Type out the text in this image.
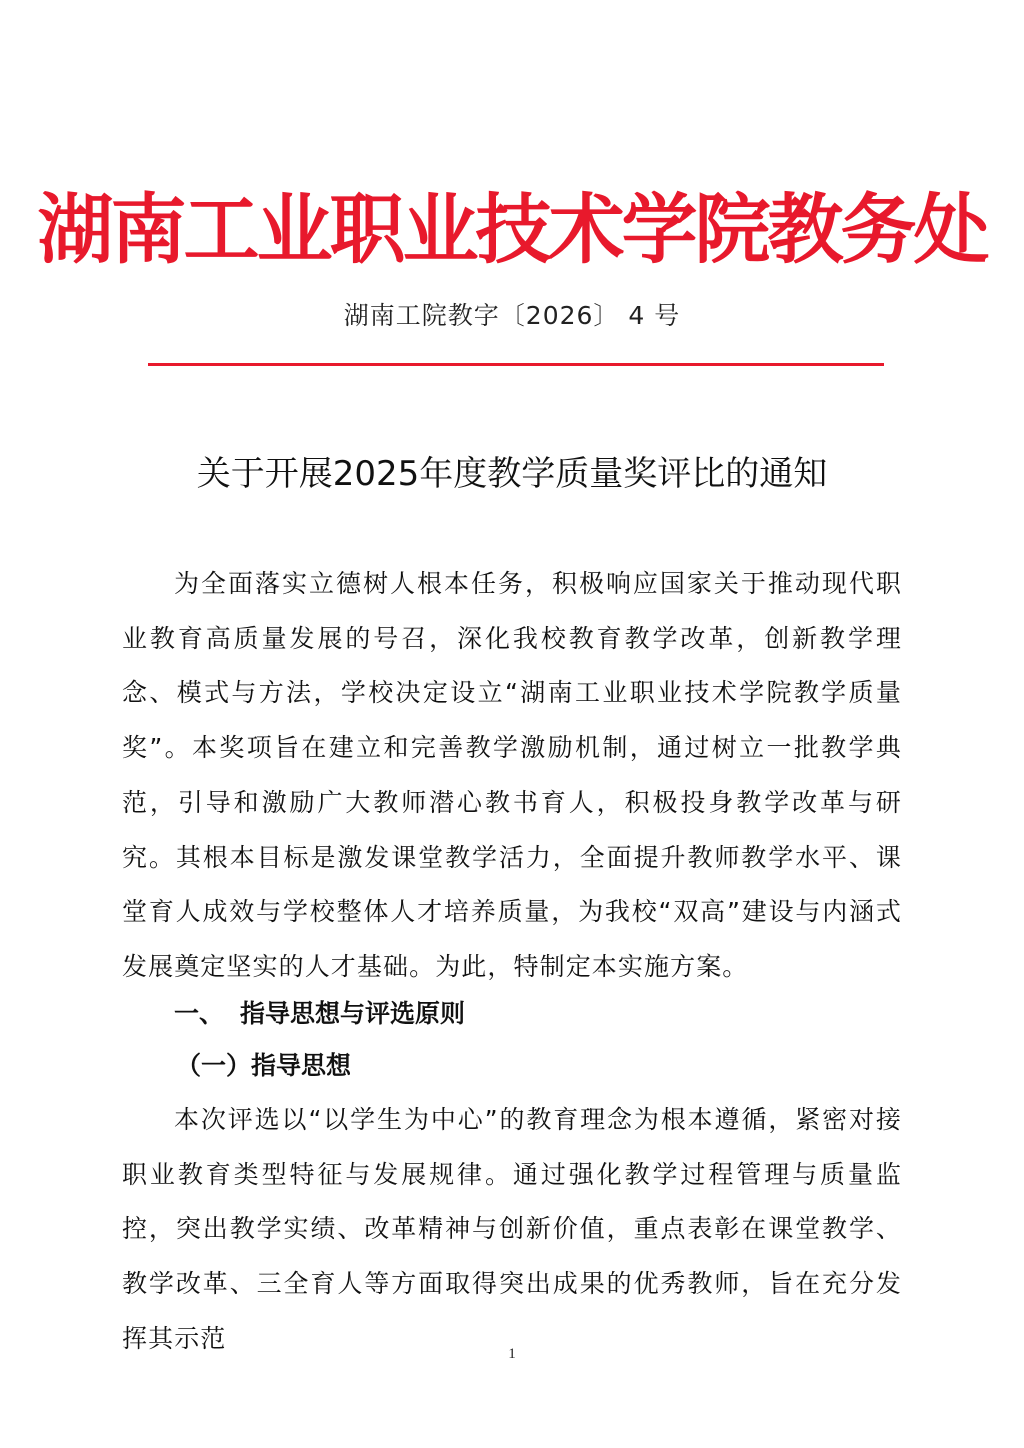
湖南工业职业技术学院教务处
湖南工院教字〔2026〕 4 号
关于开展2025年度教学质量奖评比的通知

为全面落实立德树人根本任务，积极响应国家关于推动现代职业教育高质量发展的号召，深化我校教育教学改革，创新教学理念、模式与方法，学校决定设立“湖南工业职业技术学院教学质量奖”。本奖项旨在建立和完善教学激励机制，通过树立一批教学典范，引导和激励广大教师潜心教书育人，积极投身教学改革与研究。其根本目标是激发课堂教学活力，全面提升教师教学水平、课堂育人成效与学校整体人才培养质量，为我校“双高”建设与内涵式发展奠定坚实的人才基础。为此，特制定本实施方案。

一、 指导思想与评选原则
（一）指导思想

本次评选以“以学生为中心”的教育理念为根本遵循，紧密对接职业教育类型特征与发展规律。通过强化教学过程管理与质量监控，突出教学实绩、改革精神与创新价值，重点表彰在课堂教学、教学改革、三全育人等方面取得突出成果的优秀教师，旨在充分发挥其示范

1
